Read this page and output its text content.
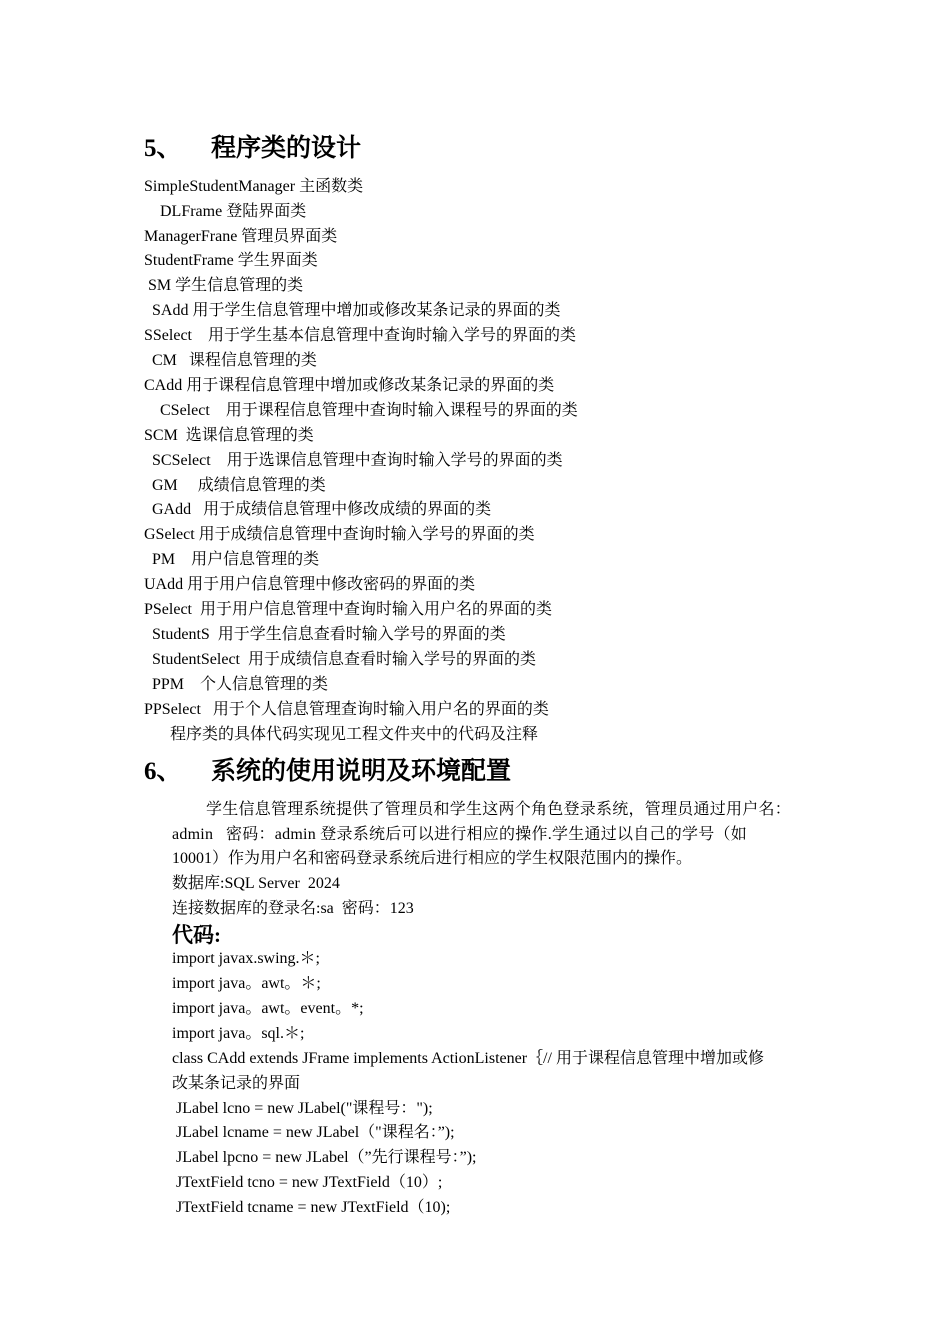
5、 程序类的设计
SimpleStudentManager 主函数类
DLFrame 登陆界面类
ManagerFrane 管理员界面类
StudentFrame 学生界面类
SM 学生信息管理的类
SAdd 用于学生信息管理中增加或修改某条记录的界面的类
SSelect    用于学生基本信息管理中查询时输入学号的界面的类
CM   课程信息管理的类
CAdd 用于课程信息管理中增加或修改某条记录的界面的类
CSelect    用于课程信息管理中查询时输入课程号的界面的类
SCM  选课信息管理的类
SCSelect    用于选课信息管理中查询时输入学号的界面的类
GM     成绩信息管理的类
GAdd   用于成绩信息管理中修改成绩的界面的类
GSelect 用于成绩信息管理中查询时输入学号的界面的类
PM    用户信息管理的类
UAdd 用于用户信息管理中修改密码的界面的类
PSelect  用于用户信息管理中查询时输入用户名的界面的类
StudentS  用于学生信息查看时输入学号的界面的类
StudentSelect  用于成绩信息查看时输入学号的界面的类
PPM    个人信息管理的类
PPSelect   用于个人信息管理查询时输入用户名的界面的类
程序类的具体代码实现见工程文件夹中的代码及注释
6、 系统的使用说明及环境配置
学生信息管理系统提供了管理员和学生这两个角色登录系统，管理员通过用户名：
admin   密码：admin 登录系统后可以进行相应的操作.学生通过以自己的学号（如
10001）作为用户名和密码登录系统后进行相应的学生权限范围内的操作。
数据库:SQL Server  2024
连接数据库的登录名:sa  密码：123
代码:
import javax.swing.＊;
import java。awt。＊;
import java。awt。event。*;
import java。sql.＊;
class CAdd extends JFrame implements ActionListener｛// 用于课程信息管理中增加或修
改某条记录的界面
JLabel lcno = new JLabel("课程号：");
JLabel lcname = new JLabel（"课程名：”);
JLabel lpcno = new JLabel（”先行课程号：”);
JTextField tcno = new JTextField（10）;
JTextField tcname = new JTextField（10);
